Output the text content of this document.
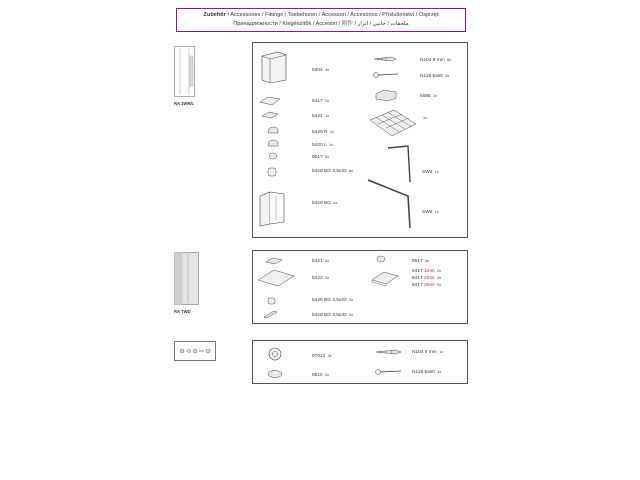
Zubehör / Accessoires / Fittings / Toebehoren / Accessori / Accesorios / Příslušenství / Osprzęt
Принадлежности / Kiegészítők / Accesori / 附件 / ملحقات / جانبي / ابزار
RA 1WR/L
5404 4x
5417 2x
5421 1x
5420 R 1x
5420 L 1x
9517 6x
5428 BG 3,5x22 6x
5429 BG 1x
N104 8 mm 6x
N116 5x60 6x
6885 2x
1x
SW3 1x
SW5 1x
RA TWD
5421 2x
5422 1x
5428 BG 3,5x22 3x
5428 BG 3,5x32 3x
9517 3x
8417 1mm 2x
8417 2mm 2x
8417 3mm 2x
97013 3x
6510 2x
N104 8 mm 1x
N116 5x60 1x
